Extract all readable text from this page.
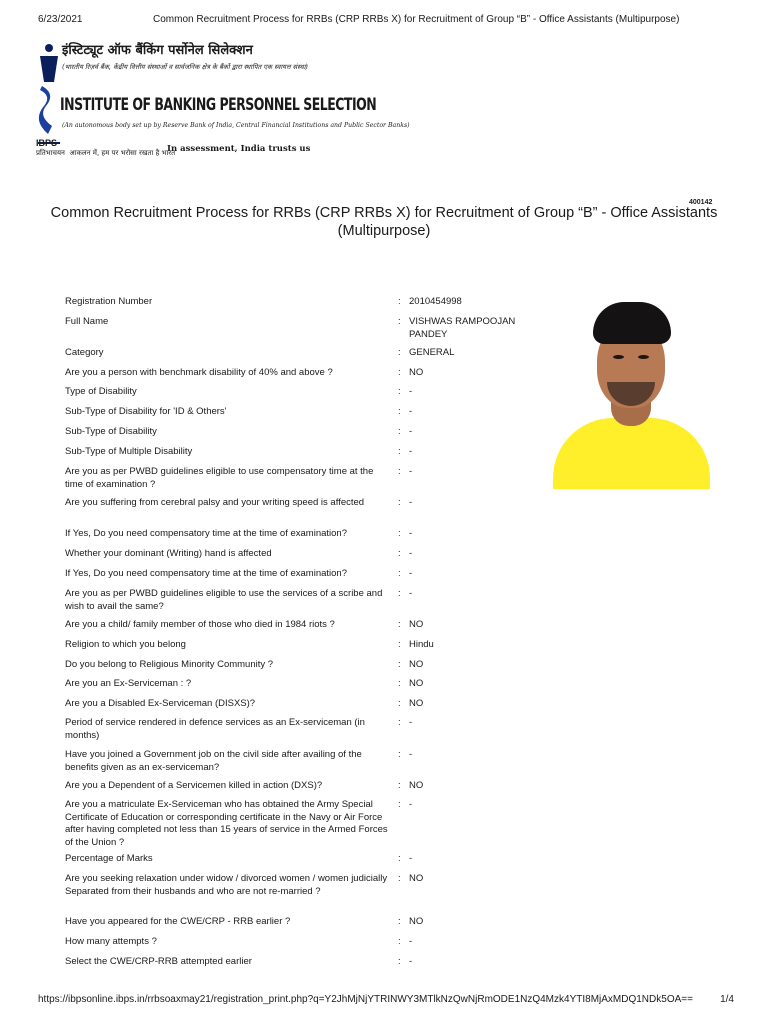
6/23/2021	Common Recruitment Process for RRBs (CRP RRBs X) for Recruitment of Group “B” - Office Assistants (Multipurpose)
इंस्टिट्यूट ऑफ बैंकिंग पर्सोनेल सिलेक्शन
(भारतीय रिज़र्व बैंक, केंद्रीय वित्तीय संस्थाओं व सार्वजनिक क्षेत्र के बैंकों द्वारा स्थापित एक स्वायत्त संस्था)
INSTITUTE OF BANKING PERSONNEL SELECTION
(An autonomous body set up by Reserve Bank of India, Central Financial Institutions and Public Sector Banks)
IBPS
प्रतिभाचयन आकलन में, हम पर भरोसा रखता है भारत
In assessment, India trusts us
400142
Common Recruitment Process for RRBs (CRP RRBs X) for Recruitment of Group “B” - Office Assistants (Multipurpose)
Registration Number	: 2010454998
Full Name	: VISHWAS RAMPOOJAN PANDEY
Category	: GENERAL
Are you a person with benchmark disability of 40% and above ?	: NO
Type of Disability	: -
Sub-Type of Disability for 'ID & Others'	: -
Sub-Type of Disability	: -
Sub-Type of Multiple Disability	: -
Are you as per PWBD guidelines eligible to use compensatory time at the time of examination ?
: -
Are you suffering from cerebral palsy and your writing speed is affected	: -
If Yes, Do you need compensatory time at the time of examination?	: -
Whether your dominant (Writing) hand is affected	: -
If Yes, Do you need compensatory time at the time of examination?	: -
Are you as per PWBD guidelines eligible to use the services of a scribe and wish to avail the same?
: -
Are you a child/ family member of those who died in 1984 riots ?	: NO
Religion to which you belong	: Hindu
Do you belong to Religious Minority Community ?	: NO
Are you an Ex-Serviceman : ?	: NO
Are you a Disabled Ex-Serviceman (DISXS)?	: NO
Period of service rendered in defence services as an Ex-serviceman (in months)
: -
Have you joined a Government job on the civil side after availing of the benefits given as an ex-serviceman?
: -
Are you a Dependent of a Servicemen killed in action (DXS)?	: NO
Are you a matriculate Ex-Serviceman who has obtained the Army Special Certificate of Education or corresponding certificate in the Navy or Air Force after having completed not less than 15 years of service in the Armed Forces of the Union ?
: -
Percentage of Marks	: -
Are you seeking relaxation under widow / divorced women / women judicially Separated from their husbands and who are not re-married ?
: NO
Have you appeared for the CWE/CRP - RRB earlier ?	: NO
How many attempts ?	: -
Select the CWE/CRP-RRB attempted earlier	: -
https://ibpsonline.ibps.in/rrbsoaxmay21/registration_print.php?q=Y2JhMjNjYTRINWY3MTlkNzQwNjRmODE1NzQ4Mzk4YTI8MjAxMDQ1NDk5OA==	1/4
